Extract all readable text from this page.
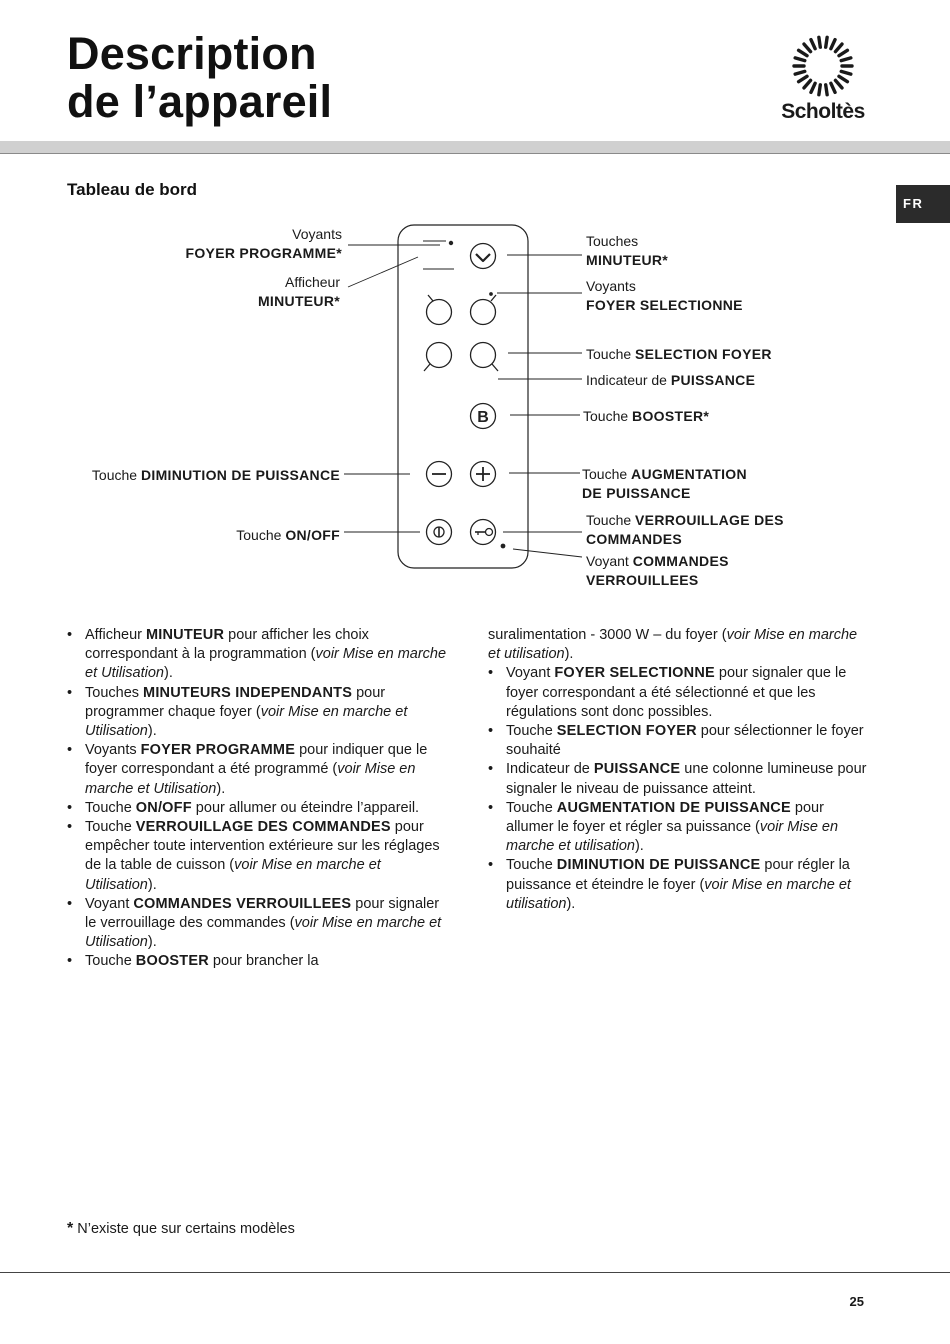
Description
de l’appareil	Scholtès
FR
Tableau de bord
B
Voyants
FOYER PROGRAMME*
Afficheur
MINUTEUR*
Touche DIMINUTION DE PUISSANCE
Touche ON/OFF
Touches
MINUTEUR*
Voyants
FOYER SELECTIONNE
Touche SELECTION FOYER
Indicateur de PUISSANCE
Touche BOOSTER*
Touche AUGMENTATION
DE PUISSANCE
Touche VERROUILLAGE DES
COMMANDES
Voyant COMMANDES
VERROUILLEES
• Afficheur MINUTEUR pour afficher les choix correspondant à la programmation (voir Mise en marche et Utilisation).
• Touches MINUTEURS INDEPENDANTS pour programmer chaque foyer (voir Mise en marche et Utilisation).
• Voyants FOYER PROGRAMME pour indiquer que le foyer correspondant a été programmé (voir Mise en marche et Utilisation).
• Touche ON/OFF pour allumer ou éteindre l’appareil.
• Touche VERROUILLAGE DES COMMANDES pour empêcher toute intervention extérieure sur les réglages de la table de cuisson (voir Mise en marche et Utilisation).
• Voyant COMMANDES VERROUILLEES pour signaler le verrouillage des commandes (voir Mise en marche et Utilisation).
• Touche BOOSTER pour brancher la
suralimentation - 3000 W – du foyer (voir Mise en marche et utilisation).
• Voyant FOYER SELECTIONNE pour signaler que le foyer correspondant a été sélectionné et que les régulations sont donc possibles.
• Touche SELECTION FOYER pour sélectionner le foyer souhaité
• Indicateur de PUISSANCE une colonne lumineuse pour signaler le niveau de puissance atteint.
• Touche AUGMENTATION DE PUISSANCE pour allumer le foyer et régler sa puissance (voir Mise en marche et utilisation).
• Touche DIMINUTION DE PUISSANCE pour régler la puissance et éteindre le foyer (voir Mise en marche et utilisation).
* N’existe que sur certains modèles
25
